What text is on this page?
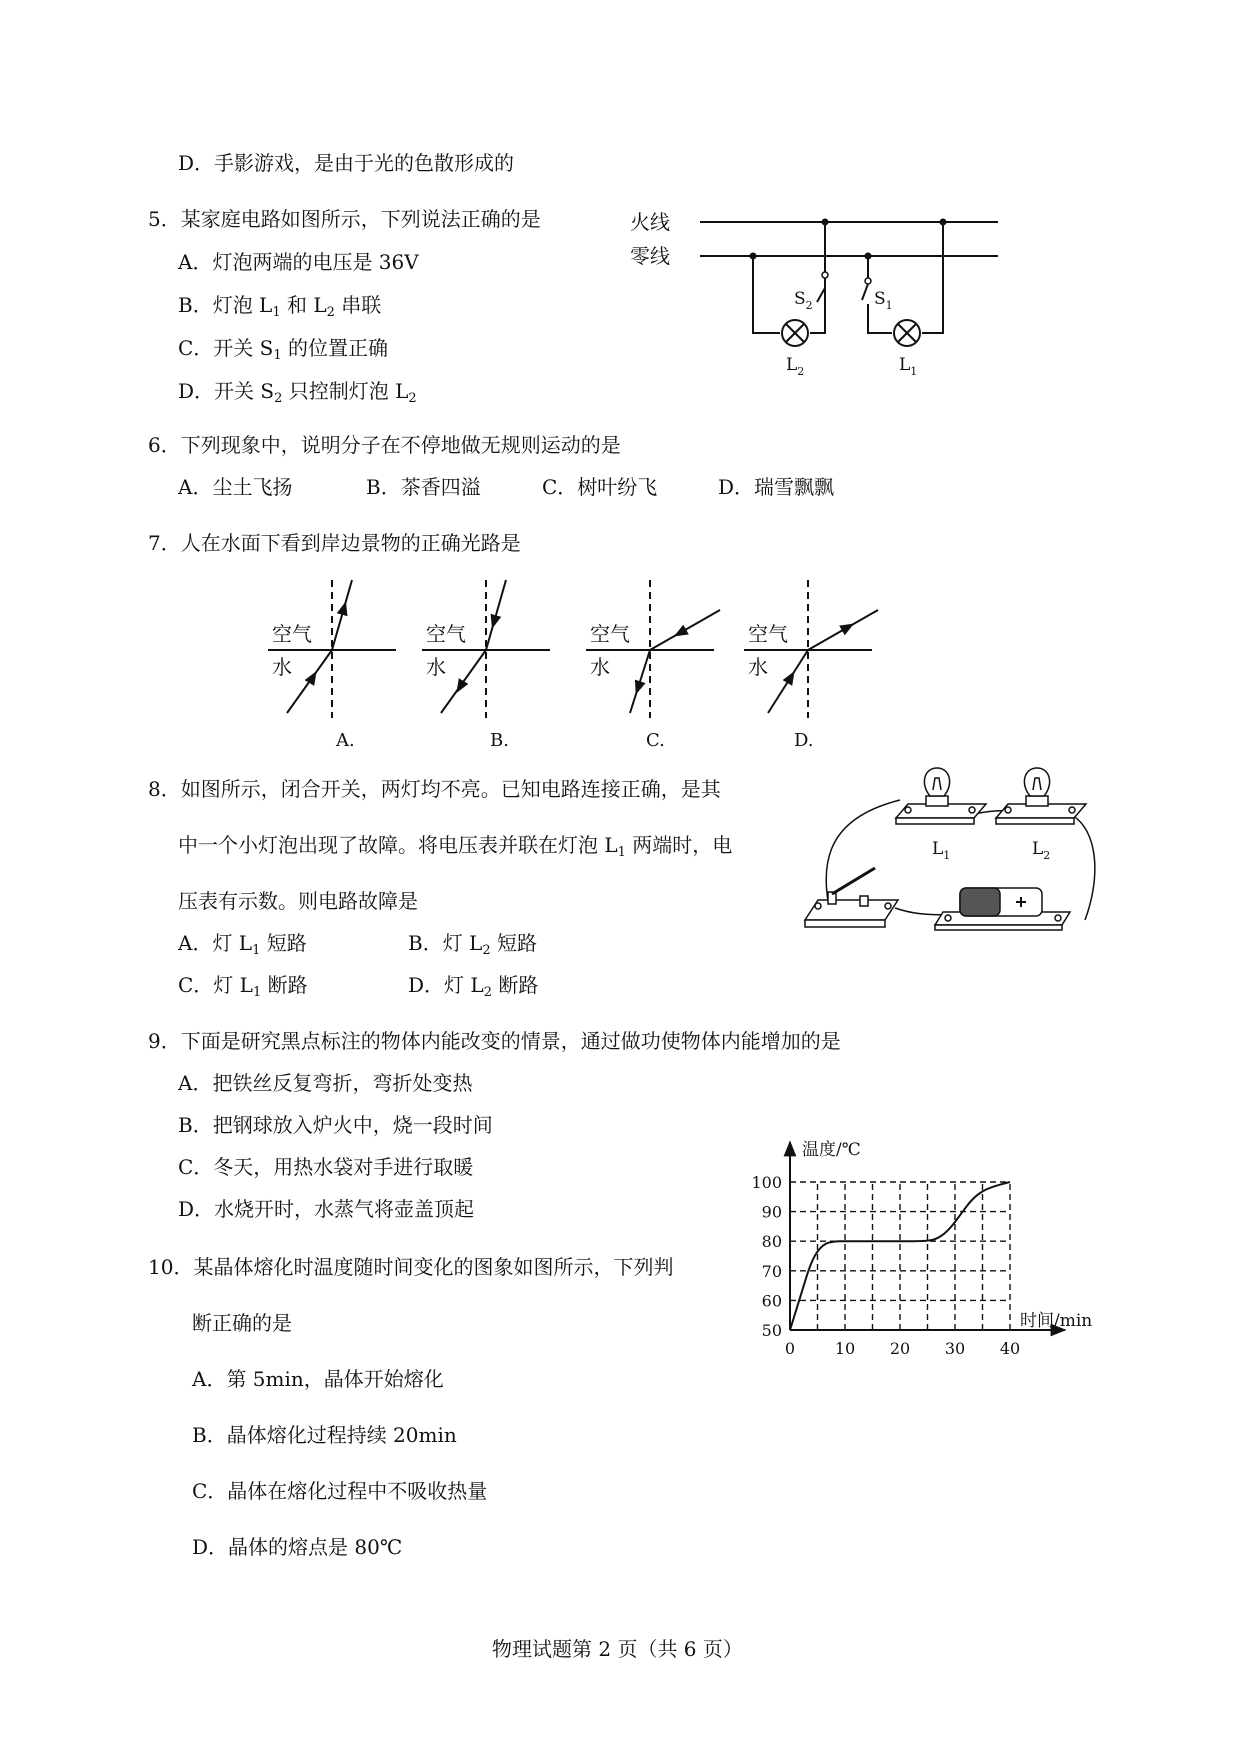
D．手影游戏，是由于光的色散形成的
5．某家庭电路如图所示，下列说法正确的是
A．灯泡两端的电压是 36V
B．灯泡 $L_1$ 和 $L_2$ 串联
C．开关 $S_1$ 的位置正确
D．开关 $S_2$ 只控制灯泡 $L_2$
火线
零线
$S_2$	$S_1$
$L_2$	$L_1$
6．下列现象中，说明分子在不停地做无规则运动的是
A．尘土飞扬	B．茶香四溢	C．树叶纷飞	D．瑞雪飘飘
7．人在水面下看到岸边景物的正确光路是
空气
水
空气
水
空气
水
空气
水
A.	B.	C.	D.
8．如图所示，闭合开关，两灯均不亮。已知电路连接正确，是其
中一个小灯泡出现了故障。将电压表并联在灯泡 $L_1$ 两端时，电
压表有示数。则电路故障是
A．灯 $L_1$ 短路	B．灯 $L_2$ 短路
C．灯 $L_1$ 断路	D．灯 $L_2$ 断路
$L_1$	$L_2$
9．下面是研究黑点标注的物体内能改变的情景，通过做功使物体内能增加的是
A．把铁丝反复弯折，弯折处变热
B．把钢球放入炉火中，烧一段时间
C．冬天，用热水袋对手进行取暖
D．水烧开时，水蒸气将壶盖顶起
10．某晶体熔化时温度随时间变化的图象如图所示，下列判
断正确的是
A．第 5min，晶体开始熔化
B．晶体熔化过程持续 20min
C．晶体在熔化过程中不吸收热量
D．晶体的熔点是 80℃
0 10 20 30 40
50
60
70
80
90
100
温度/℃
时间/min
物理试题第 2 页（共 6 页）
